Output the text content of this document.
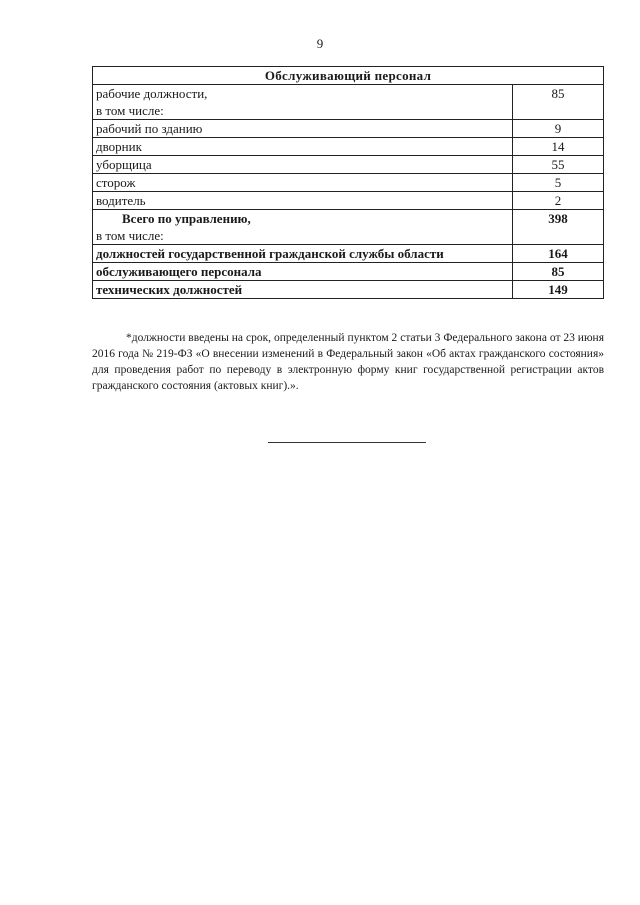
9
Обслуживающий персонал	

рабочие должности,
в том числе:	85
рабочий по зданию	9
дворник	14
уборщица	55
сторож	5
водитель	2

Всего по управлению,
в том числе:	398
должностей государственной гражданской службы области	164
обслуживающего персонала	85
технических должностей	149

*должности введены на срок, определенный пунктом 2 статьи 3 Федерального закона от 23 июня 2016 года № 219-ФЗ «О внесении изменений в Федеральный закон «Об актах гражданского состояния» для проведения работ по переводу в электронную форму книг государственной регистрации актов гражданского состояния (актовых книг).».
